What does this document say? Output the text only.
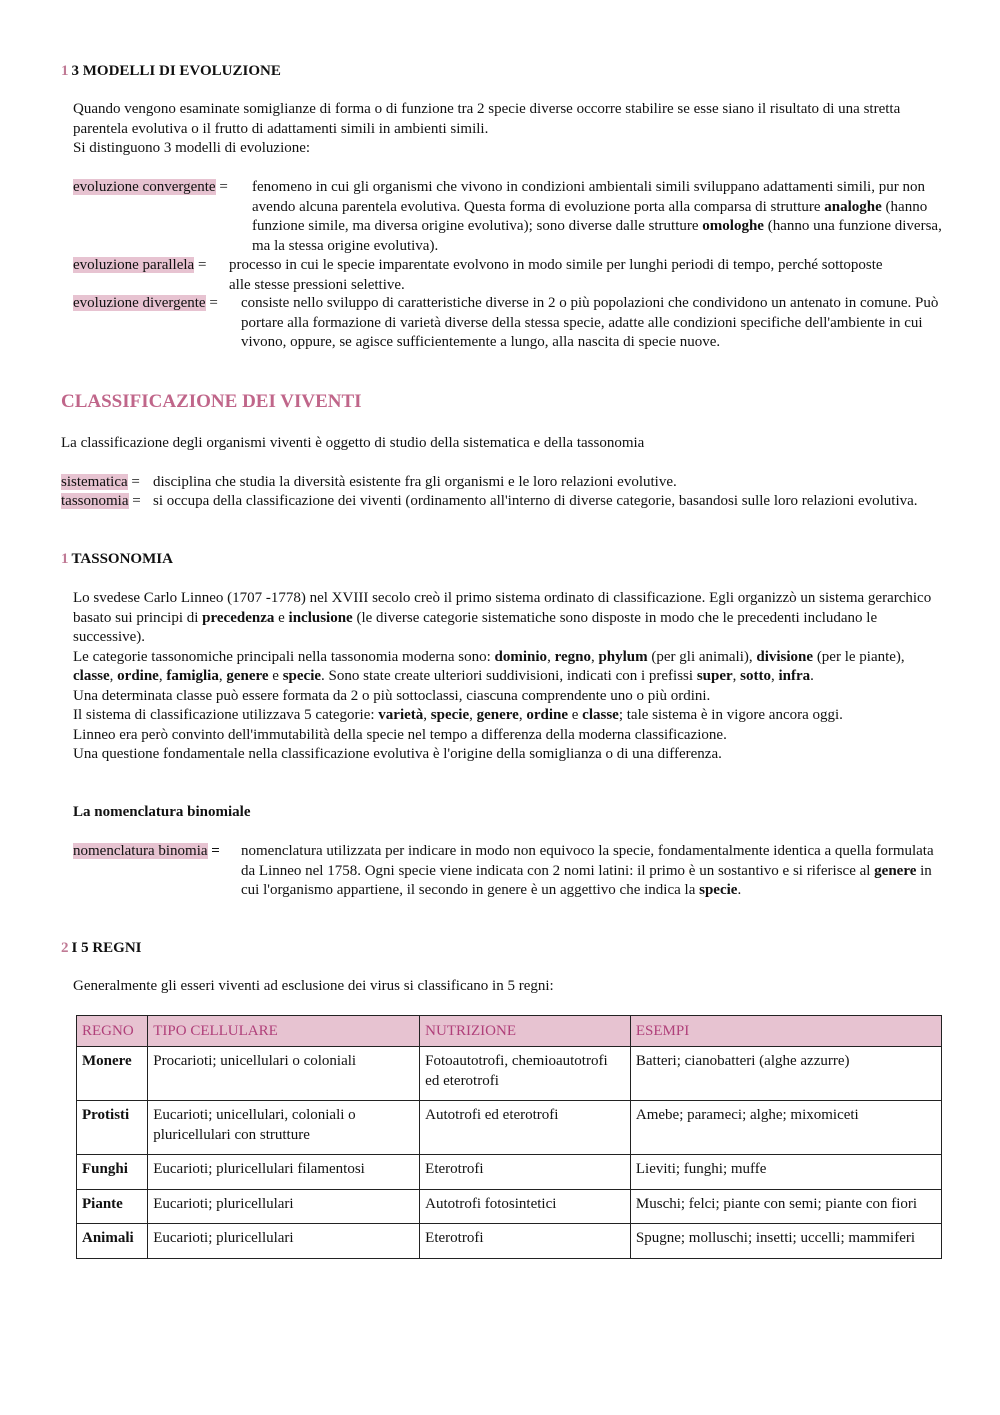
1 3 MODELLI DI EVOLUZIONE
Quando vengono esaminate somiglianze di forma o di funzione tra 2 specie diverse occorre stabilire se esse siano il risultato di una stretta parentela evolutiva o il frutto di adattamenti simili in ambienti simili.
Si distinguono 3 modelli di evoluzione:
evoluzione convergente =	fenomeno in cui gli organismi che vivono in condizioni ambientali simili sviluppano adattamenti simili, pur non avendo alcuna parentela evolutiva. Questa forma di evoluzione porta alla comparsa di strutture analoghe (hanno funzione simile, ma diversa origine evolutiva); sono diverse dalle strutture omologhe (hanno una funzione diversa, ma la stessa origine evolutiva).
evoluzione parallela =	processo in cui le specie imparentate evolvono in modo simile per lunghi periodi di tempo, perché sottoposte alle stesse pressioni selettive.
evoluzione divergente =	consiste nello sviluppo di caratteristiche diverse in 2 o più popolazioni che condividono un antenato in comune. Può portare alla formazione di varietà diverse della stessa specie, adatte alle condizioni specifiche dell'ambiente in cui vivono, oppure, se agisce sufficientemente a lungo, alla nascita di specie nuove.
CLASSIFICAZIONE DEI VIVENTI
La classificazione degli organismi viventi è oggetto di studio della sistematica e della tassonomia
sistematica = disciplina che studia la diversità esistente fra gli organismi e le loro relazioni evolutive.
tassonomia = si occupa della classificazione dei viventi (ordinamento all'interno di diverse categorie, basandosi sulle loro relazioni evolutiva.
1 TASSONOMIA
Lo svedese Carlo Linneo (1707 -1778) nel XVIII secolo creò il primo sistema ordinato di classificazione. Egli organizzò un sistema gerarchico basato sui principi di precedenza e inclusione (le diverse categorie sistematiche sono disposte in modo che le precedenti includano le successive).
Le categorie tassonomiche principali nella tassonomia moderna sono: dominio, regno, phylum (per gli animali), divisione (per le piante), classe, ordine, famiglia, genere e specie. Sono state create ulteriori suddivisioni, indicati con i prefissi super, sotto, infra.
Una determinata classe può essere formata da 2 o più sottoclassi, ciascuna comprendente uno o più ordini.
Il sistema di classificazione utilizzava 5 categorie: varietà, specie, genere, ordine e classe; tale sistema è in vigore ancora oggi.
Linneo era però convinto dell'immutabilità della specie nel tempo a differenza della moderna classificazione.
Una questione fondamentale nella classificazione evolutiva è l'origine della somiglianza o di una differenza.
La nomenclatura binomiale
nomenclatura binomia =	nomenclatura utilizzata per indicare in modo non equivoco la specie, fondamentalmente identica a quella formulata da Linneo nel 1758. Ogni specie viene indicata con 2 nomi latini: il primo è un sostantivo e si riferisce al genere in cui l'organismo appartiene, il secondo in genere è un aggettivo che indica la specie.
2 I 5 REGNI
Generalmente gli esseri viventi ad esclusione dei virus si classificano in 5 regni:
REGNO	TIPO CELLULARE	NUTRIZIONE	ESEMPI
Monere	Procarioti; unicellulari o coloniali	Fotoautotrofi, chemioautotrofi ed eterotrofi	Batteri; cianobatteri (alghe azzurre)
Protisti	Eucarioti; unicellulari, coloniali o pluricellulari con strutture	Autotrofi ed eterotrofi	Amebe; parameci; alghe; mixomiceti
Funghi	Eucarioti; pluricellulari filamentosi	Eterotrofi	Lieviti; funghi; muffe
Piante	Eucarioti; pluricellulari	Autotrofi fotosintetici	Muschi; felci; piante con semi; piante con fiori
Animali	Eucarioti; pluricellulari	Eterotrofi	Spugne; molluschi; insetti; uccelli; mammiferi
